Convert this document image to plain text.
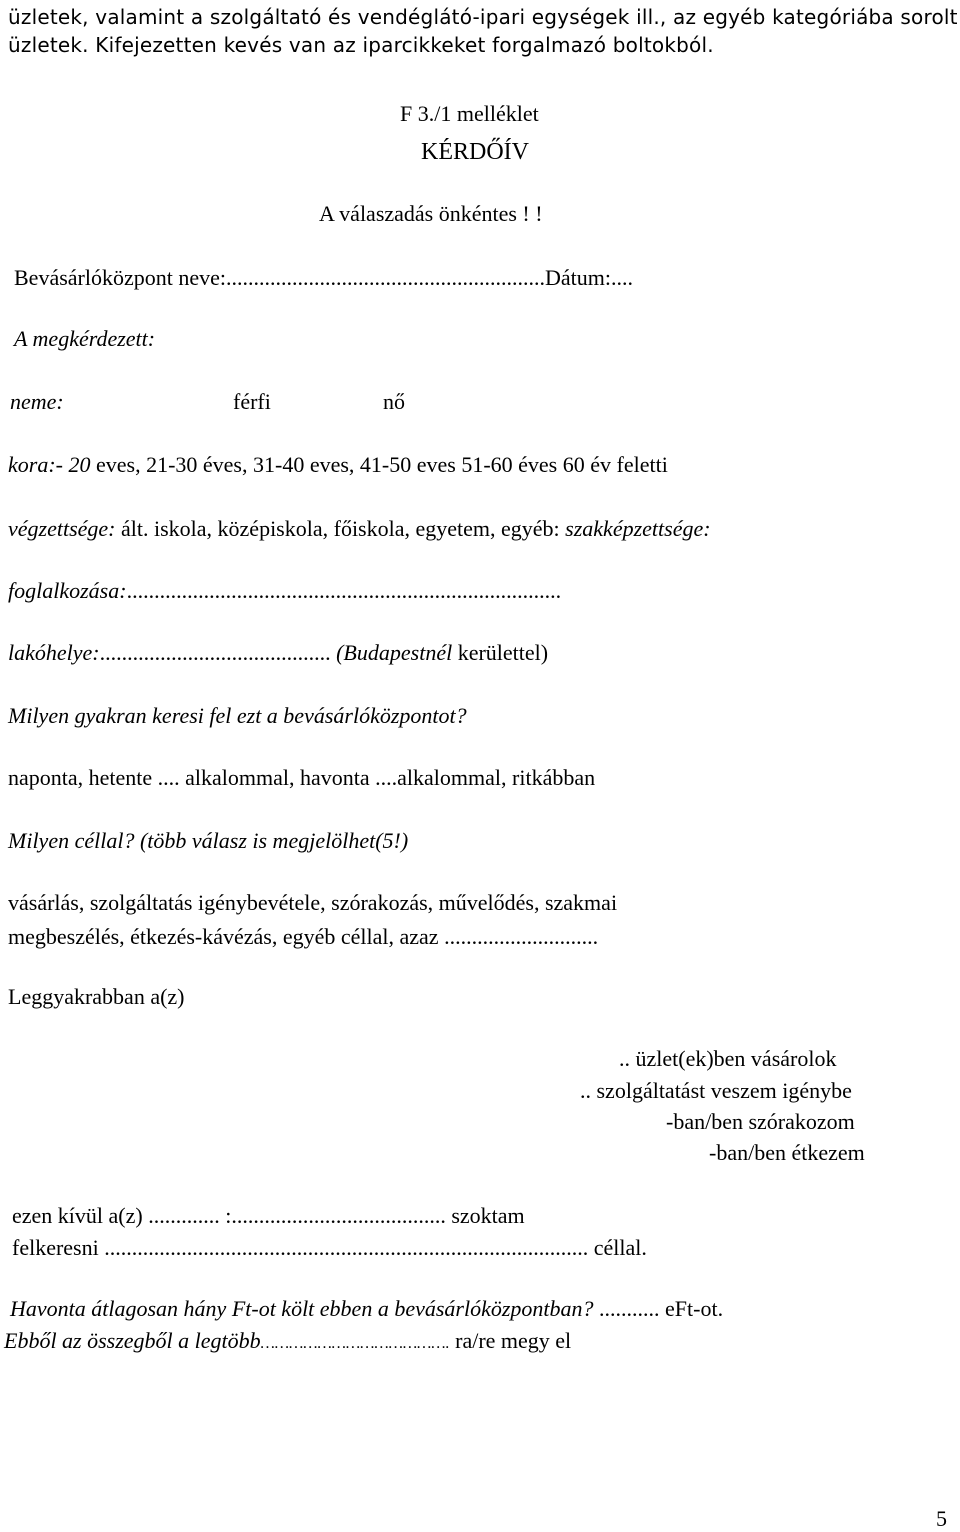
üzletek, valamint a szolgáltató és vendéglátó-ipari egységek ill., az egyéb kategóriába sorolt
üzletek. Kifejezetten kevés van az iparcikkeket forgalmazó boltokból.
F 3./1 melléklet
KÉRDŐÍV
A válaszadás önkéntes ! !
Bevásárlóközpont neve:..........................................................Dátum:....
A megkérdezett:
neme:	férfi	nő
kora:- 20 eves, 21-30 éves, 31-40 eves, 41-50 eves 51-60 éves 60 év feletti
végzettsége: ált. iskola, középiskola, főiskola, egyetem, egyéb: szakképzettsége:
foglalkozása:...............................................................................
lakóhelye:.......................................... (Budapestnél kerülettel)
Milyen gyakran keresi fel ezt a bevásárlóközpontot?
naponta, hetente .... alkalommal, havonta ....alkalommal, ritkábban
Milyen céllal? (több válasz is megjelölhet(5!)
vásárlás, szolgáltatás igénybevétele, szórakozás, művelődés, szakmai
megbeszélés, étkezés-kávézás, egyéb céllal, azaz ............................
Leggyakrabban a(z)
.. üzlet(ek)ben vásárolok
.. szolgáltatást veszem igénybe
-ban/ben szórakozom
-ban/ben étkezem
ezen kívül a(z) ............. :....................................... szoktam
felkeresni ........................................................................................ céllal.
Havonta átlagosan hány Ft-ot költ ebben a bevásárlóközpontban? ........... eFt-ot.
Ebből az összegből a legtöbb…………………………………. ra/re megy el
5
